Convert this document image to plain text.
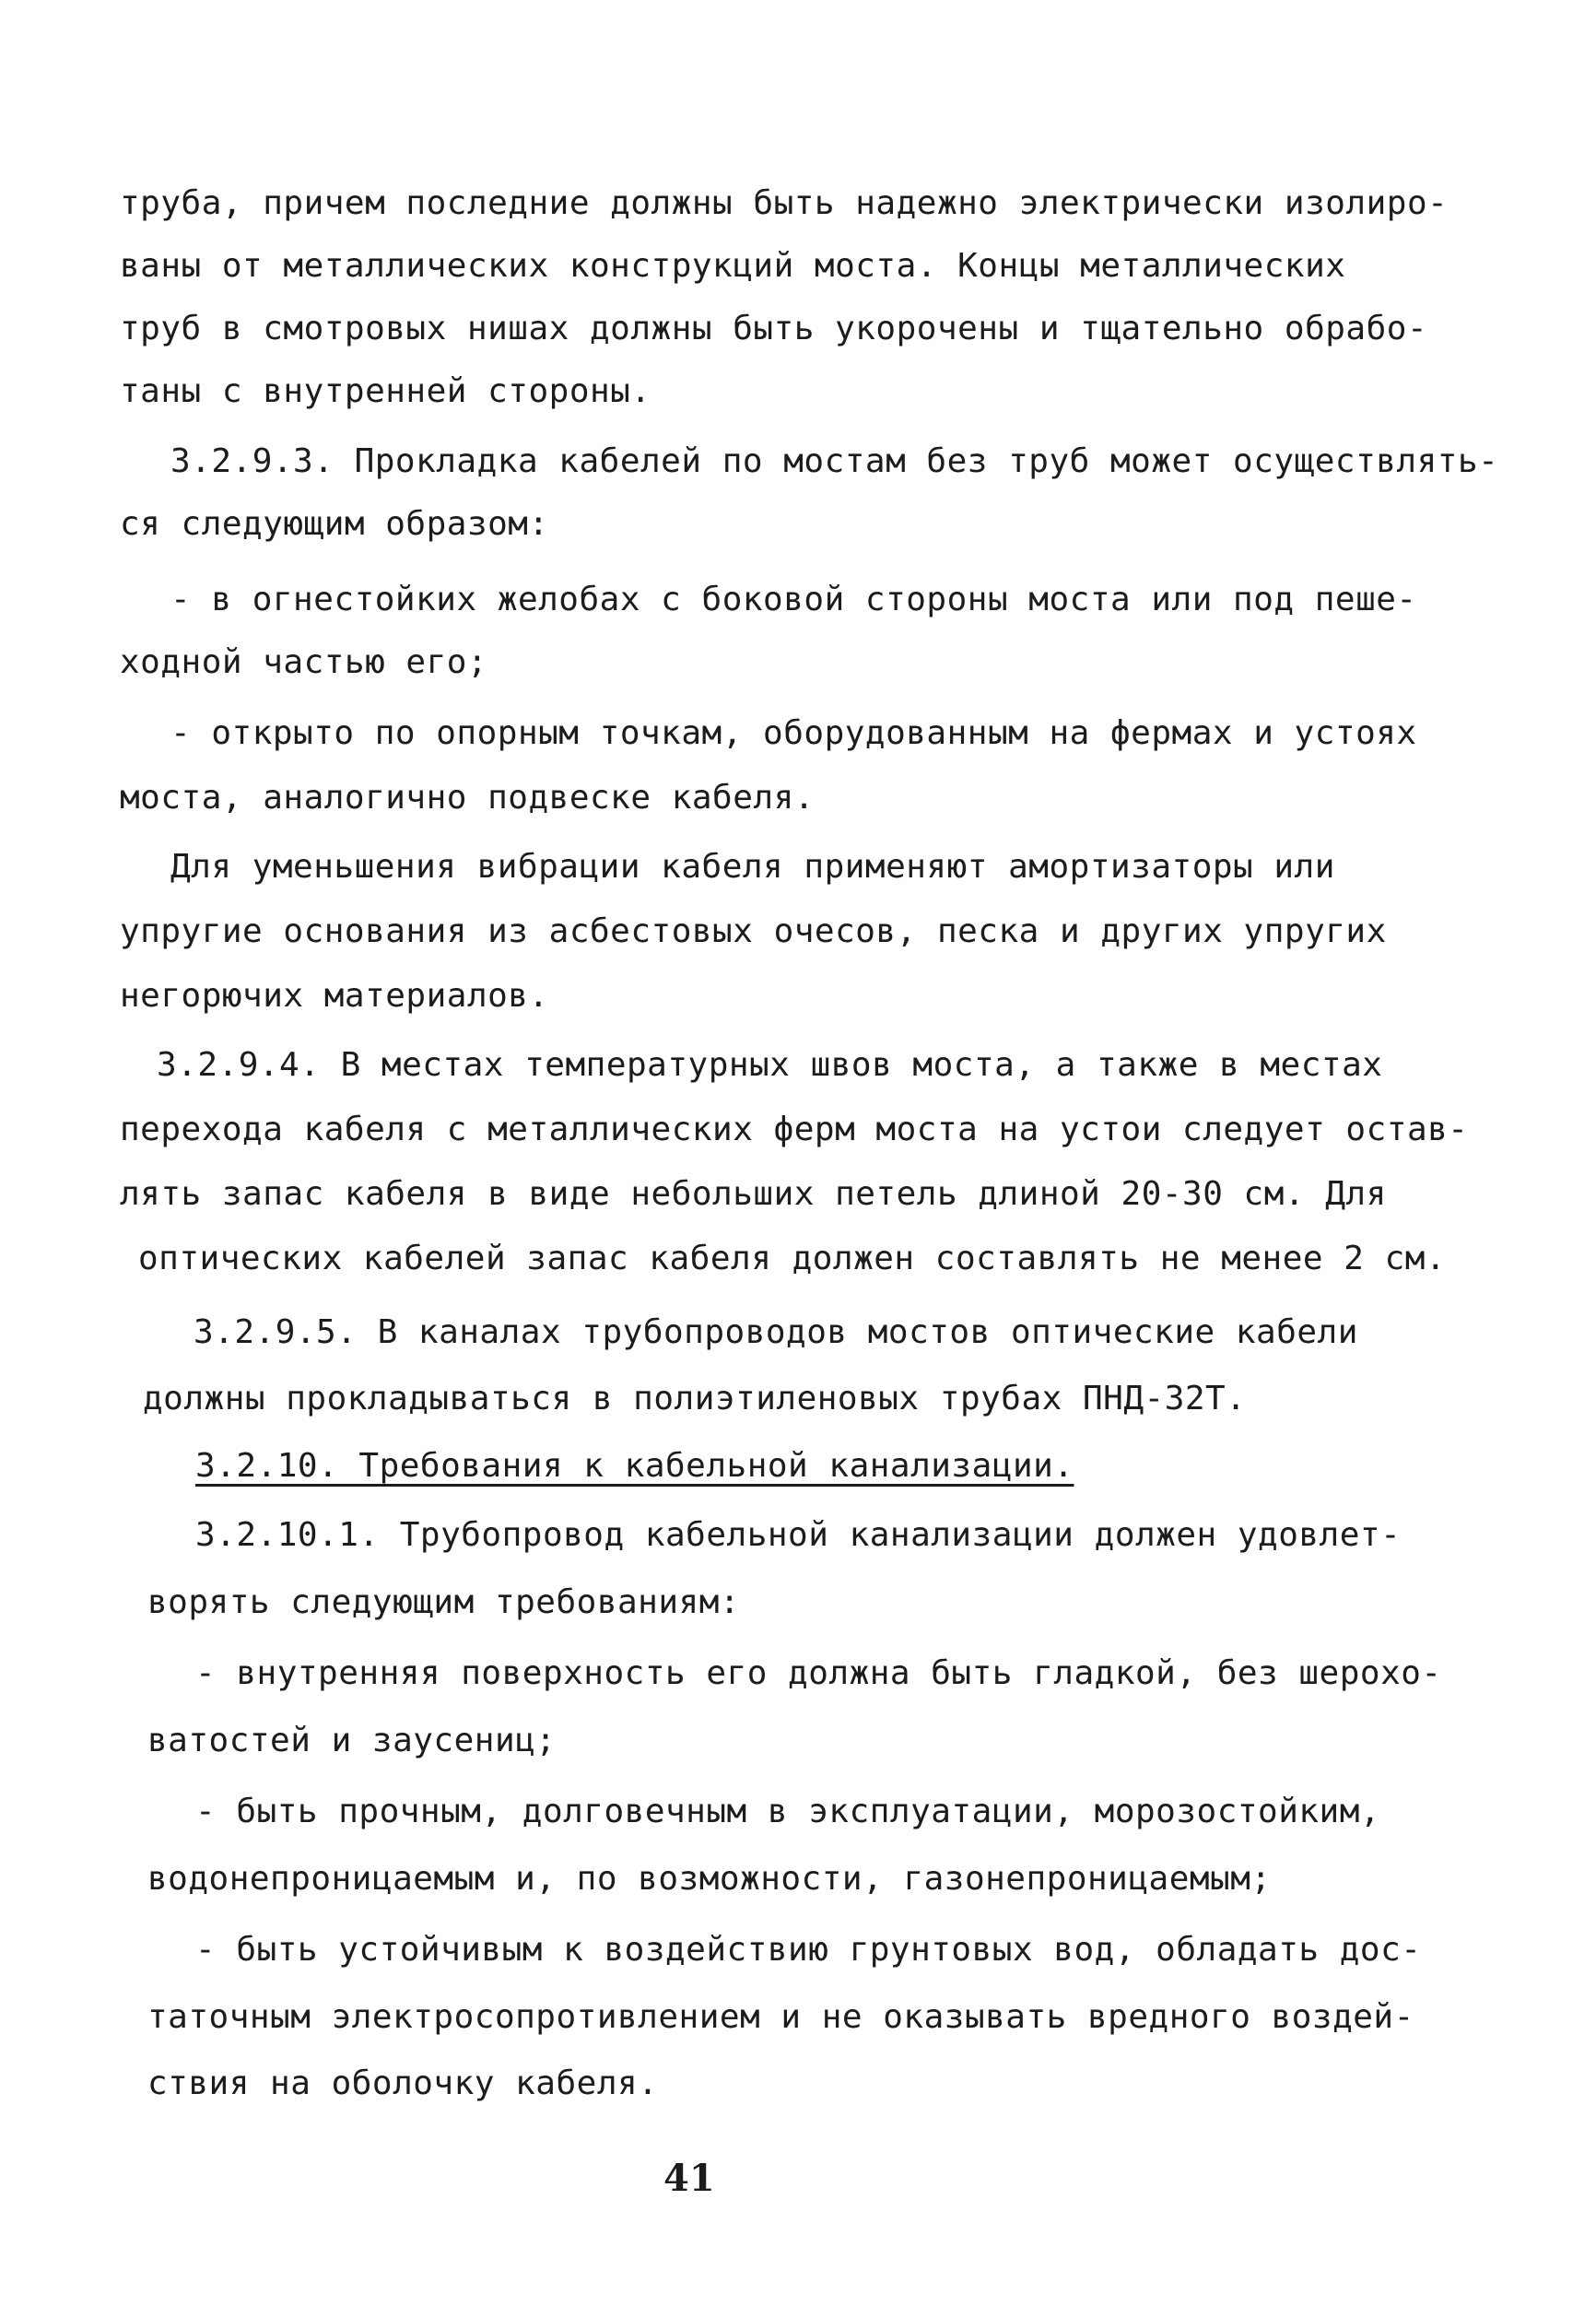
труба, причем последние должны быть надежно электрически изолиро-
ваны от металлических конструкций моста. Концы металлических
труб в смотровых нишах должны быть укорочены и тщательно обрабо-
таны с внутренней стороны.
3.2.9.3. Прокладка кабелей по мостам без труб может осуществлять-
ся следующим образом:
- в огнестойких желобах с боковой стороны моста или под пеше-
ходной частью его;
- открыто по опорным точкам, оборудованным на фермах и устоях
моста, аналогично подвеске кабеля.
Для уменьшения вибрации кабеля применяют амортизаторы или
упругие основания из асбестовых очесов, песка и других упругих
негорючих материалов.
3.2.9.4. В местах температурных швов моста, а также в местах
перехода кабеля с металлических ферм моста на устои следует остав-
лять запас кабеля в виде небольших петель длиной 20-30 см. Для
оптических кабелей запас кабеля должен составлять не менее 2 см.
3.2.9.5. В каналах трубопроводов мостов оптические кабели
должны прокладываться в полиэтиленовых трубах ПНД-32Т.
3.2.10. Требования к кабельной канализации.
3.2.10.1. Трубопровод кабельной канализации должен удовлет-
ворять следующим требованиям:
- внутренняя поверхность его должна быть гладкой, без шерохо-
ватостей и заусениц;
- быть прочным, долговечным в эксплуатации, морозостойким,
водонепроницаемым и, по возможности, газонепроницаемым;
- быть устойчивым к воздействию грунтовых вод, обладать дос-
таточным электросопротивлением и не оказывать вредного воздей-
ствия на оболочку кабеля.
41
